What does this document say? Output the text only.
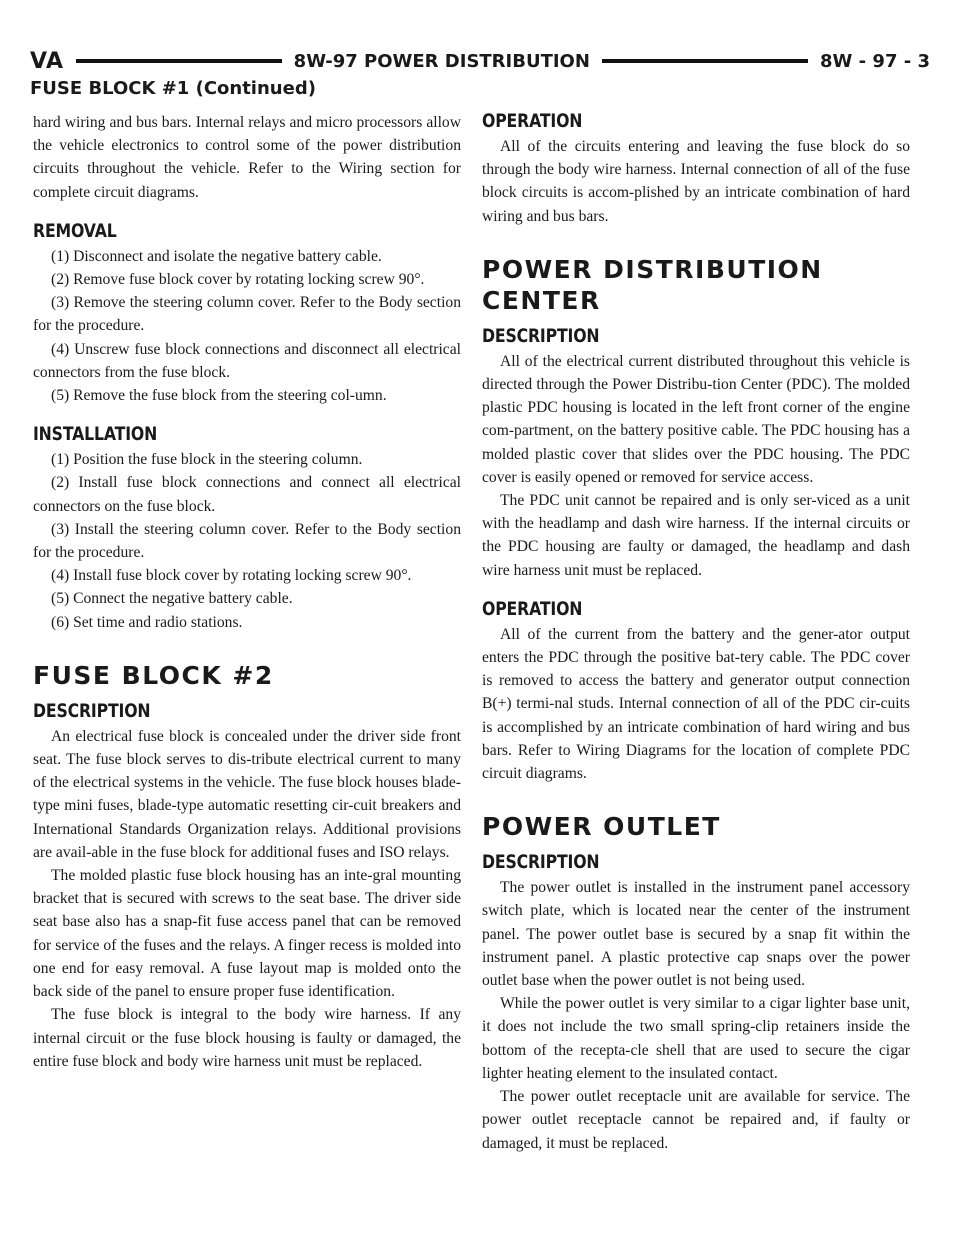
VA	8W-97 POWER DISTRIBUTION	8W - 97 - 3
FUSE BLOCK #1 (Continued)

hard wiring and bus bars. Internal relays and micro processors allow the vehicle electronics to control some of the power distribution circuits throughout the vehicle. Refer to the Wiring section for complete circuit diagrams.

REMOVAL
(1) Disconnect and isolate the negative battery cable.
(2) Remove fuse block cover by rotating locking screw 90°.
(3) Remove the steering column cover. Refer to the Body section for the procedure.
(4) Unscrew fuse block connections and disconnect all electrical connectors from the fuse block.
(5) Remove the fuse block from the steering col-umn.
INSTALLATION
(1) Position the fuse block in the steering column.
(2) Install fuse block connections and connect all electrical connectors on the fuse block.
(3) Install the steering column cover. Refer to the Body section for the procedure.
(4) Install fuse block cover by rotating locking screw 90°.
(5) Connect the negative battery cable.
(6) Set time and radio stations.
FUSE BLOCK #2
DESCRIPTION

An electrical fuse block is concealed under the driver side front seat. The fuse block serves to dis-tribute electrical current to many of the electrical systems in the vehicle. The fuse block houses blade-type mini fuses, blade-type automatic resetting cir-cuit breakers and International Standards Organization relays. Additional provisions are avail-able in the fuse block for additional fuses and ISO relays.

The molded plastic fuse block housing has an inte-gral mounting bracket that is secured with screws to the seat base. The driver side seat base also has a snap-fit fuse access panel that can be removed for service of the fuses and the relays. A finger recess is molded into one end for easy removal. A fuse layout map is molded onto the back side of the panel to ensure proper fuse identification.

The fuse block is integral to the body wire harness. If any internal circuit or the fuse block housing is faulty or damaged, the entire fuse block and body wire harness unit must be replaced.

OPERATION

All of the circuits entering and leaving the fuse block do so through the body wire harness. Internal connection of all of the fuse block circuits is accom-plished by an intricate combination of hard wiring and bus bars.

POWER DISTRIBUTION
CENTER
DESCRIPTION

All of the electrical current distributed throughout this vehicle is directed through the Power Distribu-tion Center (PDC). The molded plastic PDC housing is located in the left front corner of the engine com-partment, on the battery positive cable. The PDC housing has a molded plastic cover that slides over the PDC housing. The PDC cover is easily opened or removed for service access.

The PDC unit cannot be repaired and is only ser-viced as a unit with the headlamp and dash wire harness. If the internal circuits or the PDC housing are faulty or damaged, the headlamp and dash wire harness unit must be replaced.

OPERATION

All of the current from the battery and the gener-ator output enters the PDC through the positive bat-tery cable. The PDC cover is removed to access the battery and generator output connection B(+) termi-nal studs. Internal connection of all of the PDC cir-cuits is accomplished by an intricate combination of hard wiring and bus bars. Refer to Wiring Diagrams for the location of complete PDC circuit diagrams.

POWER OUTLET
DESCRIPTION

The power outlet is installed in the instrument panel accessory switch plate, which is located near the center of the instrument panel. The power outlet base is secured by a snap fit within the instrument panel. A plastic protective cap snaps over the power outlet base when the power outlet is not being used.

While the power outlet is very similar to a cigar lighter base unit, it does not include the two small spring-clip retainers inside the bottom of the recepta-cle shell that are used to secure the cigar lighter heating element to the insulated contact.

The power outlet receptacle unit are available for service. The power outlet receptacle cannot be repaired and, if faulty or damaged, it must be replaced.
